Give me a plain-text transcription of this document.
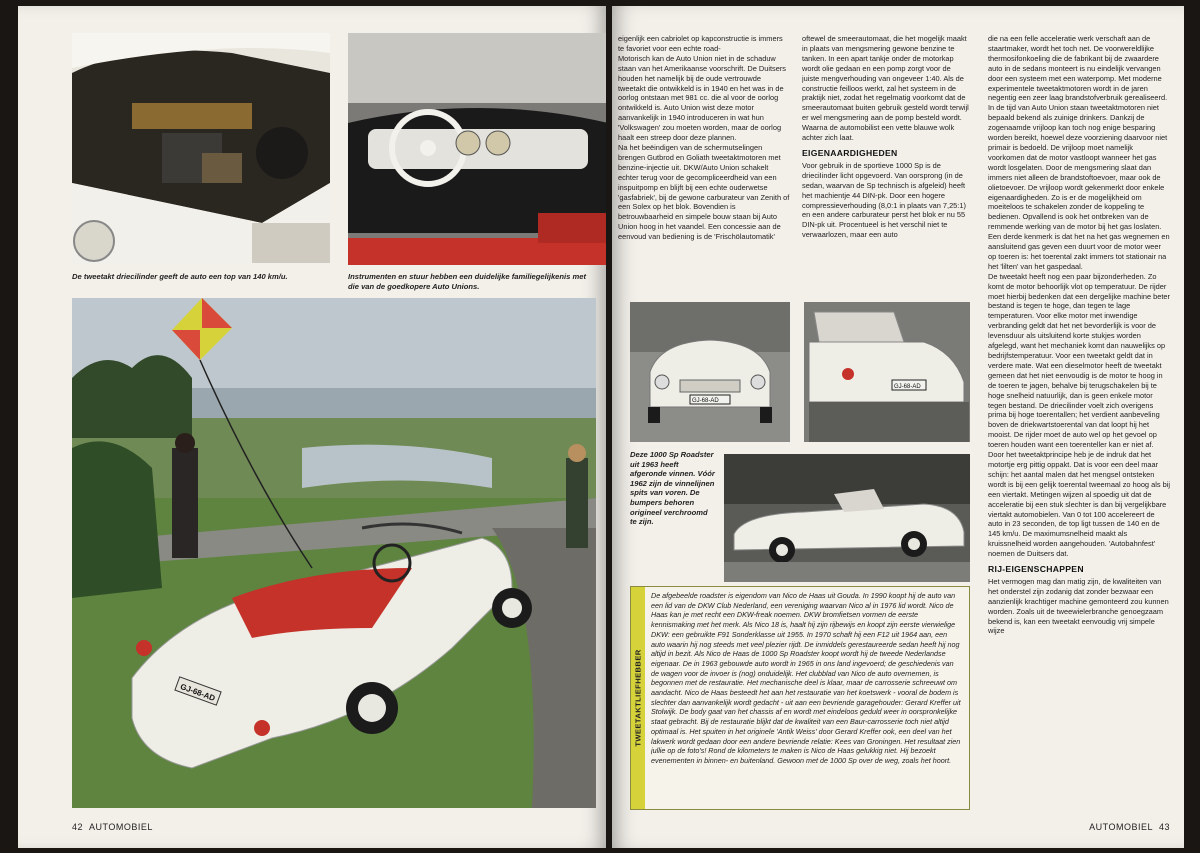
De tweetakt driecilinder geeft de auto een top van 140 km/u.	Instrumenten en stuur hebben een duidelijke familiegelijkenis met die van de goedkopere Auto Unions.
GJ-68-AD
42 AUTOMOBIEL

eigenlijk een cabriolet op kapconstructie is immers te favoriet voor een echte road-

Motorisch kan de Auto Union niet in de schaduw staan van het Amerikaanse voorschrift. De Duitsers houden het namelijk bij de oude vertrouwde tweetakt die ontwikkeld is in 1940 en het was in de oorlog ontstaan met 981 cc. die al voor de oorlog ontwikkeld is. Auto Union wist deze motor aanvankelijk in 1940 introduceren in wat hun 'Volkswagen' zou moeten worden, maar de oorlog haalt een streep door deze plannen.

Na het beëindigen van de schermutselingen brengen Gutbrod en Goliath tweetaktmotoren met benzine-injectie uit. DKW/Auto Union schakelt echter terug voor de gecompliceerdheid van een inspuitpomp en blijft bij een echte ouderwetse 'gasfabriek', bij de gewone carburateur van Zenith of een Solex op het blok. Bovendien is betrouwbaarheid en simpele bouw staan bij Auto Union hoog in het vaandel. Een concessie aan de eenvoud van bediening is de 'Frischölautomatik'

oftewel de smeerautomaat, die het mogelijk maakt in plaats van mengsmering gewone benzine te tanken. In een apart tankje onder de motorkap wordt olie gedaan en een pomp zorgt voor de juiste mengverhouding van ongeveer 1:40. Als de constructie feilloos werkt, zal het systeem in de praktijk niet, zodat het regelmatig voorkomt dat de smeerautomaat buiten gebruik gesteld wordt terwijl er wel mengsmering aan de pomp besteld wordt. Waarna de automobilist een vette blauwe wolk achter zich laat.

EIGENAARDIGHEDEN

Voor gebruik in de sportieve 1000 Sp is de drieciIinder licht opgevoerd. Van oorsprong (in de sedan, waarvan de Sp technisch is afgeleid) heeft het machientje 44 DIN-pk. Door een hogere compressieverhouding (8,0:1 in plaats van 7,25:1) en een andere carburateur perst het blok er nu 55 DIN-pk uit. Procentueel is het verschil niet te verwaarlozen, maar een auto

die na een felle acceleratie werk verschaft aan de staartmaker, wordt het toch net. De voorwereldlijke thermosifonkoeling die de fabrikant bij de zwaardere auto in de sedans monteert is nu eindelijk vervangen door een systeem met een waterpomp. Met moderne experimentele tweetaktmotoren wordt in de jaren negentig een zeer laag brandstofverbruik gerealiseerd. In de tijd van Auto Union staan tweetaktmotoren niet bepaald bekend als zuinige drinkers. Dankzij de zogenaamde vrijloop kan toch nog enige besparing worden bereikt, hoewel deze voorziening daarvoor niet primair is bedoeld. De vrijloop moet namelijk voorkomen dat de motor vastloopt wanneer het gas wordt losgelaten. Door de mengsmering slaat dan immers niet alleen de brandstoftoevoer, maar ook de olietoevoer. De vrijloop wordt gekenmerkt door enkele eigenaardigheden. Zo is er de mogelijkheid om moeiteloos te schakelen zonder de koppeling te bedienen. Opvallend is ook het ontbreken van de remmende werking van de motor bij het gas loslaten. Een derde kenmerk is dat het na het gas wegnemen en aansluitend gas geven een duurt voor de motor weer op toeren is: het toerental zakt immers tot stationair na het 'lilten' van het gaspedaal.

De tweetakt heeft nog een paar bijzonderheden. Zo komt de motor behoorlijk vlot op temperatuur. De rijder moet hierbij bedenken dat een dergelijke machine beter bestand is tegen te hoge, dan tegen te lage temperaturen. Voor elke motor met inwendige verbranding geldt dat het net bevorderlijk is voor de levensduur als uitsluitend korte stukjes worden afgelegd, want het mechaniek komt dan nauwelijks op bedrijfstemperatuur. Voor een tweetakt geldt dat in verdere mate. Wat een dieselmotor heeft de tweetakt gemeen dat het niet eenvoudig is de motor te hoog in de toeren te jagen, behalve bij terugschakelen bij te hoge snelheid natuurlijk, dan is geen enkele motor tegen bestand. De driecilinder voelt zich overigens prima bij hoge toerentallen; het verdient aanbeveling boven de driekwartstoerental van dat loopt hij het mooist. De rijder moet de auto wel op het gevoel op toeren houden want een toerenteller kan er niet af. Door het tweetaktprincipe heb je de indruk dat het motortje erg pittig oppakt. Dat is voor een deel maar schijn: het aantal malen dat het mengsel ontsteken wordt is bij een gelijk toerental tweemaal zo hoog als bij een viertakt. Metingen wijzen al spoedig uit dat de acceleratie bij een stuk slechter is dan bij vergelijkbare viertakt automobielen. Van 0 tot 100 accelereert de auto in 23 seconden, de top ligt tussen de 140 en de 145 km/u. De maximumsnelheid maakt als kruissnelheid worden aangehouden. 'Autobahnfest' noemen de Duitsers dat.

RIJ-EIGENSCHAPPEN

Het vermogen mag dan matig zijn, de kwaliteiten van het onderstel zijn zodanig dat zonder bezwaar een aanzienlijk krachtiger machine gemonteerd zou kunnen worden. Zoals uit de tweewielerbranche genoegzaam bekend is, kan een tweetakt eenvoudig vrij simpele wijze

GJ-68-AD
GJ-68-AD
Deze 1000 Sp Roadster uit 1963 heeft afgeronde vinnen. Vóór 1962 zijn de vinnelijnen spits van voren. De bumpers behoren origineel verchroomd te zijn.
AUTOMOBIEL 43
TWEETAKTLIEFHEBBER
De afgebeelde roadster is eigendom van Nico de Haas uit Gouda. In 1990 koopt hij de auto van een lid van de DKW Club Nederland, een vereniging waarvan Nico al in 1976 lid wordt. Nico de Haas kan je met recht een DKW-freak noemen. DKW bromfietsen vormen de eerste kennismaking met het merk. Als Nico 18 is, haalt hij zijn rijbewijs en koopt zijn eerste vierwielige DKW: een gebruikte F91 Sonderklasse uit 1955. In 1970 schaft hij een F12 uit 1964 aan, een auto waarin hij nog steeds met veel plezier rijdt. De inmiddels gerestaureerde sedan heeft hij nog altijd in bezit. Als Nico de Haas de 1000 Sp Roadster koopt wordt hij de tweede Nederlandse eigenaar. De in 1963 gebouwde auto wordt in 1965 in ons land ingevoerd; de geschiedenis van de wagen voor de invoer is (nog) onduidelijk. Het clubblad van Nico de auto overnemen, is begonnen met de restauratie. Het mechanische deel is klaar, maar de carrosserie schreeuwt om aandacht. Nico de Haas besteedt het aan het restauratie van het koetswerk - vooral de bodem is slechter dan aanvankelijk wordt gedacht - uit aan een bevriende garagehouder: Gerard Kreffer uit Stolwijk. De body gaat van het chassis af en wordt met eindeloos geduld weer in oorspronkelijke staat gebracht. Bij de restauratie blijkt dat de kwaliteit van een Baur-carrosserie toch niet altijd optimaal is. Het spuiten in het originele 'Antik Weiss' door Gerard Kreffer ook, een deel van het lakwerk wordt gedaan door een andere bevriende relatie: Kees van Groningen. Het resultaat zien jullie op de foto's! Rond de kilometers te maken is Nico de Haas gelukkig niet. Hij bezoekt evenementen in binnen- en buitenland. Gewoon met de 1000 Sp over de weg, zoals het hoort.
